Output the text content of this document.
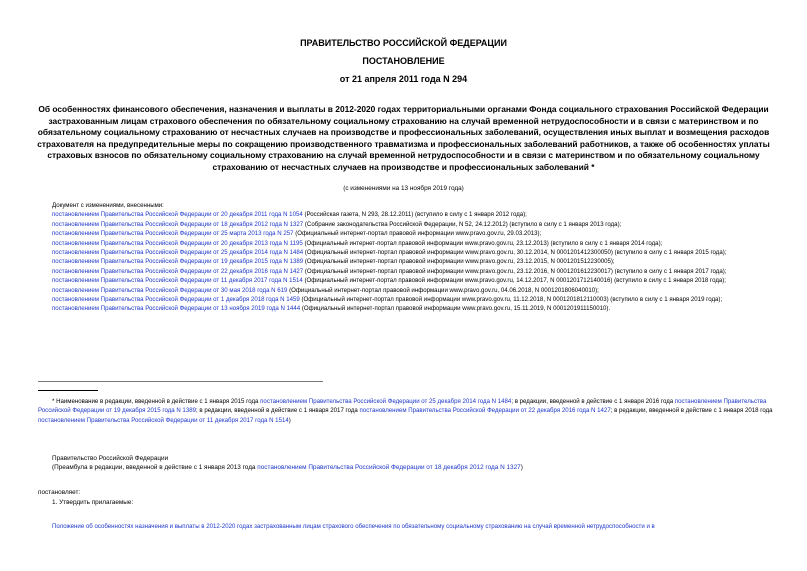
ПРАВИТЕЛЬСТВО РОССИЙСКОЙ ФЕДЕРАЦИИ
ПОСТАНОВЛЕНИЕ
от 21 апреля 2011 года N 294
Об особенностях финансового обеспечения, назначения и выплаты в 2012-2020 годах территориальными органами Фонда социального страхования Российской Федерации застрахованным лицам страхового обеспечения по обязательному социальному страхованию на случай временной нетрудоспособности и в связи с материнством и по обязательному социальному страхованию от несчастных случаев на производстве и профессиональных заболеваний, осуществления иных выплат и возмещения расходов страхователя на предупредительные меры по сокращению производственного травматизма и профессиональных заболеваний работников, а также об особенностях уплаты страховых взносов по обязательному социальному страхованию на случай временной нетрудоспособности и в связи с материнством и по обязательному социальному страхованию от несчастных случаев на производстве и профессиональных заболеваний *
(с изменениями на 13 ноября 2019 года)
Документ с изменениями, внесенными:
постановлением Правительства Российской Федерации от 20 декабря 2011 года N 1054 (Российская газета, N 293, 28.12.2011) (вступило в силу с 1 января 2012 года);
постановлением Правительства Российской Федерации от 18 декабря 2012 года N 1327 (Собрание законодательства Российской Федерации, N 52, 24.12.2012) (вступило в силу с 1 января 2013 года);
постановлением Правительства Российской Федерации от 25 марта 2013 года N 257 (Официальный интернет-портал правовой информации www.pravo.gov.ru, 29.03.2013);
постановлением Правительства Российской Федерации от 20 декабря 2013 года N 1195 (Официальный интернет-портал правовой информации www.pravo.gov.ru, 23.12.2013) (вступило в силу с 1 января 2014 года);
постановлением Правительства Российской Федерации от 25 декабря 2014 года N 1484 (Официальный интернет-портал правовой информации www.pravo.gov.ru, 30.12.2014, N 0001201412300050) (вступило в силу с 1 января 2015 года);
постановлением Правительства Российской Федерации от 19 декабря 2015 года N 1389 (Официальный интернет-портал правовой информации www.pravo.gov.ru, 23.12.2015, N 0001201512230005);
постановлением Правительства Российской Федерации от 22 декабря 2016 года N 1427 (Официальный интернет-портал правовой информации www.pravo.gov.ru, 23.12.2016, N 0001201612230017) (вступило в силу с 1 января 2017 года);
постановлением Правительства Российской Федерации от 11 декабря 2017 года N 1514 (Официальный интернет-портал правовой информации www.pravo.gov.ru, 14.12.2017, N 0001201712140016) (вступило в силу с 1 января 2018 года);
постановлением Правительства Российской Федерации от 30 мая 2018 года N 619 (Официальный интернет-портал правовой информации www.pravo.gov.ru, 04.06.2018, N 0001201806040010);
постановлением Правительства Российской Федерации от 1 декабря 2018 года N 1459 (Официальный интернет-портал правовой информации www.pravo.gov.ru, 11.12.2018, N 0001201812110003) (вступило в силу с 1 января 2019 года);
постановлением Правительства Российской Федерации от 13 ноября 2019 года N 1444 (Официальный интернет-портал правовой информации www.pravo.gov.ru, 15.11.2019, N 0001201911150010).
* Наименование в редакции, введенной в действие с 1 января 2015 года постановлением Правительства Российской Федерации от 25 декабря 2014 года N 1484; в редакции, введенной в действие с 1 января 2016 года постановлением Правительства Российской Федерации от 19 декабря 2015 года N 1389; в редакции, введенной в действие с 1 января 2017 года постановлением Правительства Российской Федерации от 22 декабря 2016 года N 1427; в редакции, введенной в действие с 1 января 2018 года постановлением Правительства Российской Федерации от 11 декабря 2017 года N 1514)
Правительство Российской Федерации
(Преамбула в редакции, введенной в действие с 1 января 2013 года постановлением Правительства Российской Федерации от 18 декабря 2012 года N 1327)
постановляет:
1. Утвердить прилагаемые:
Положение об особенностях назначения и выплаты в 2012-2020 годах застрахованным лицам страхового обеспечения по обязательному социальному страхованию на случай временной нетрудоспособности и в
